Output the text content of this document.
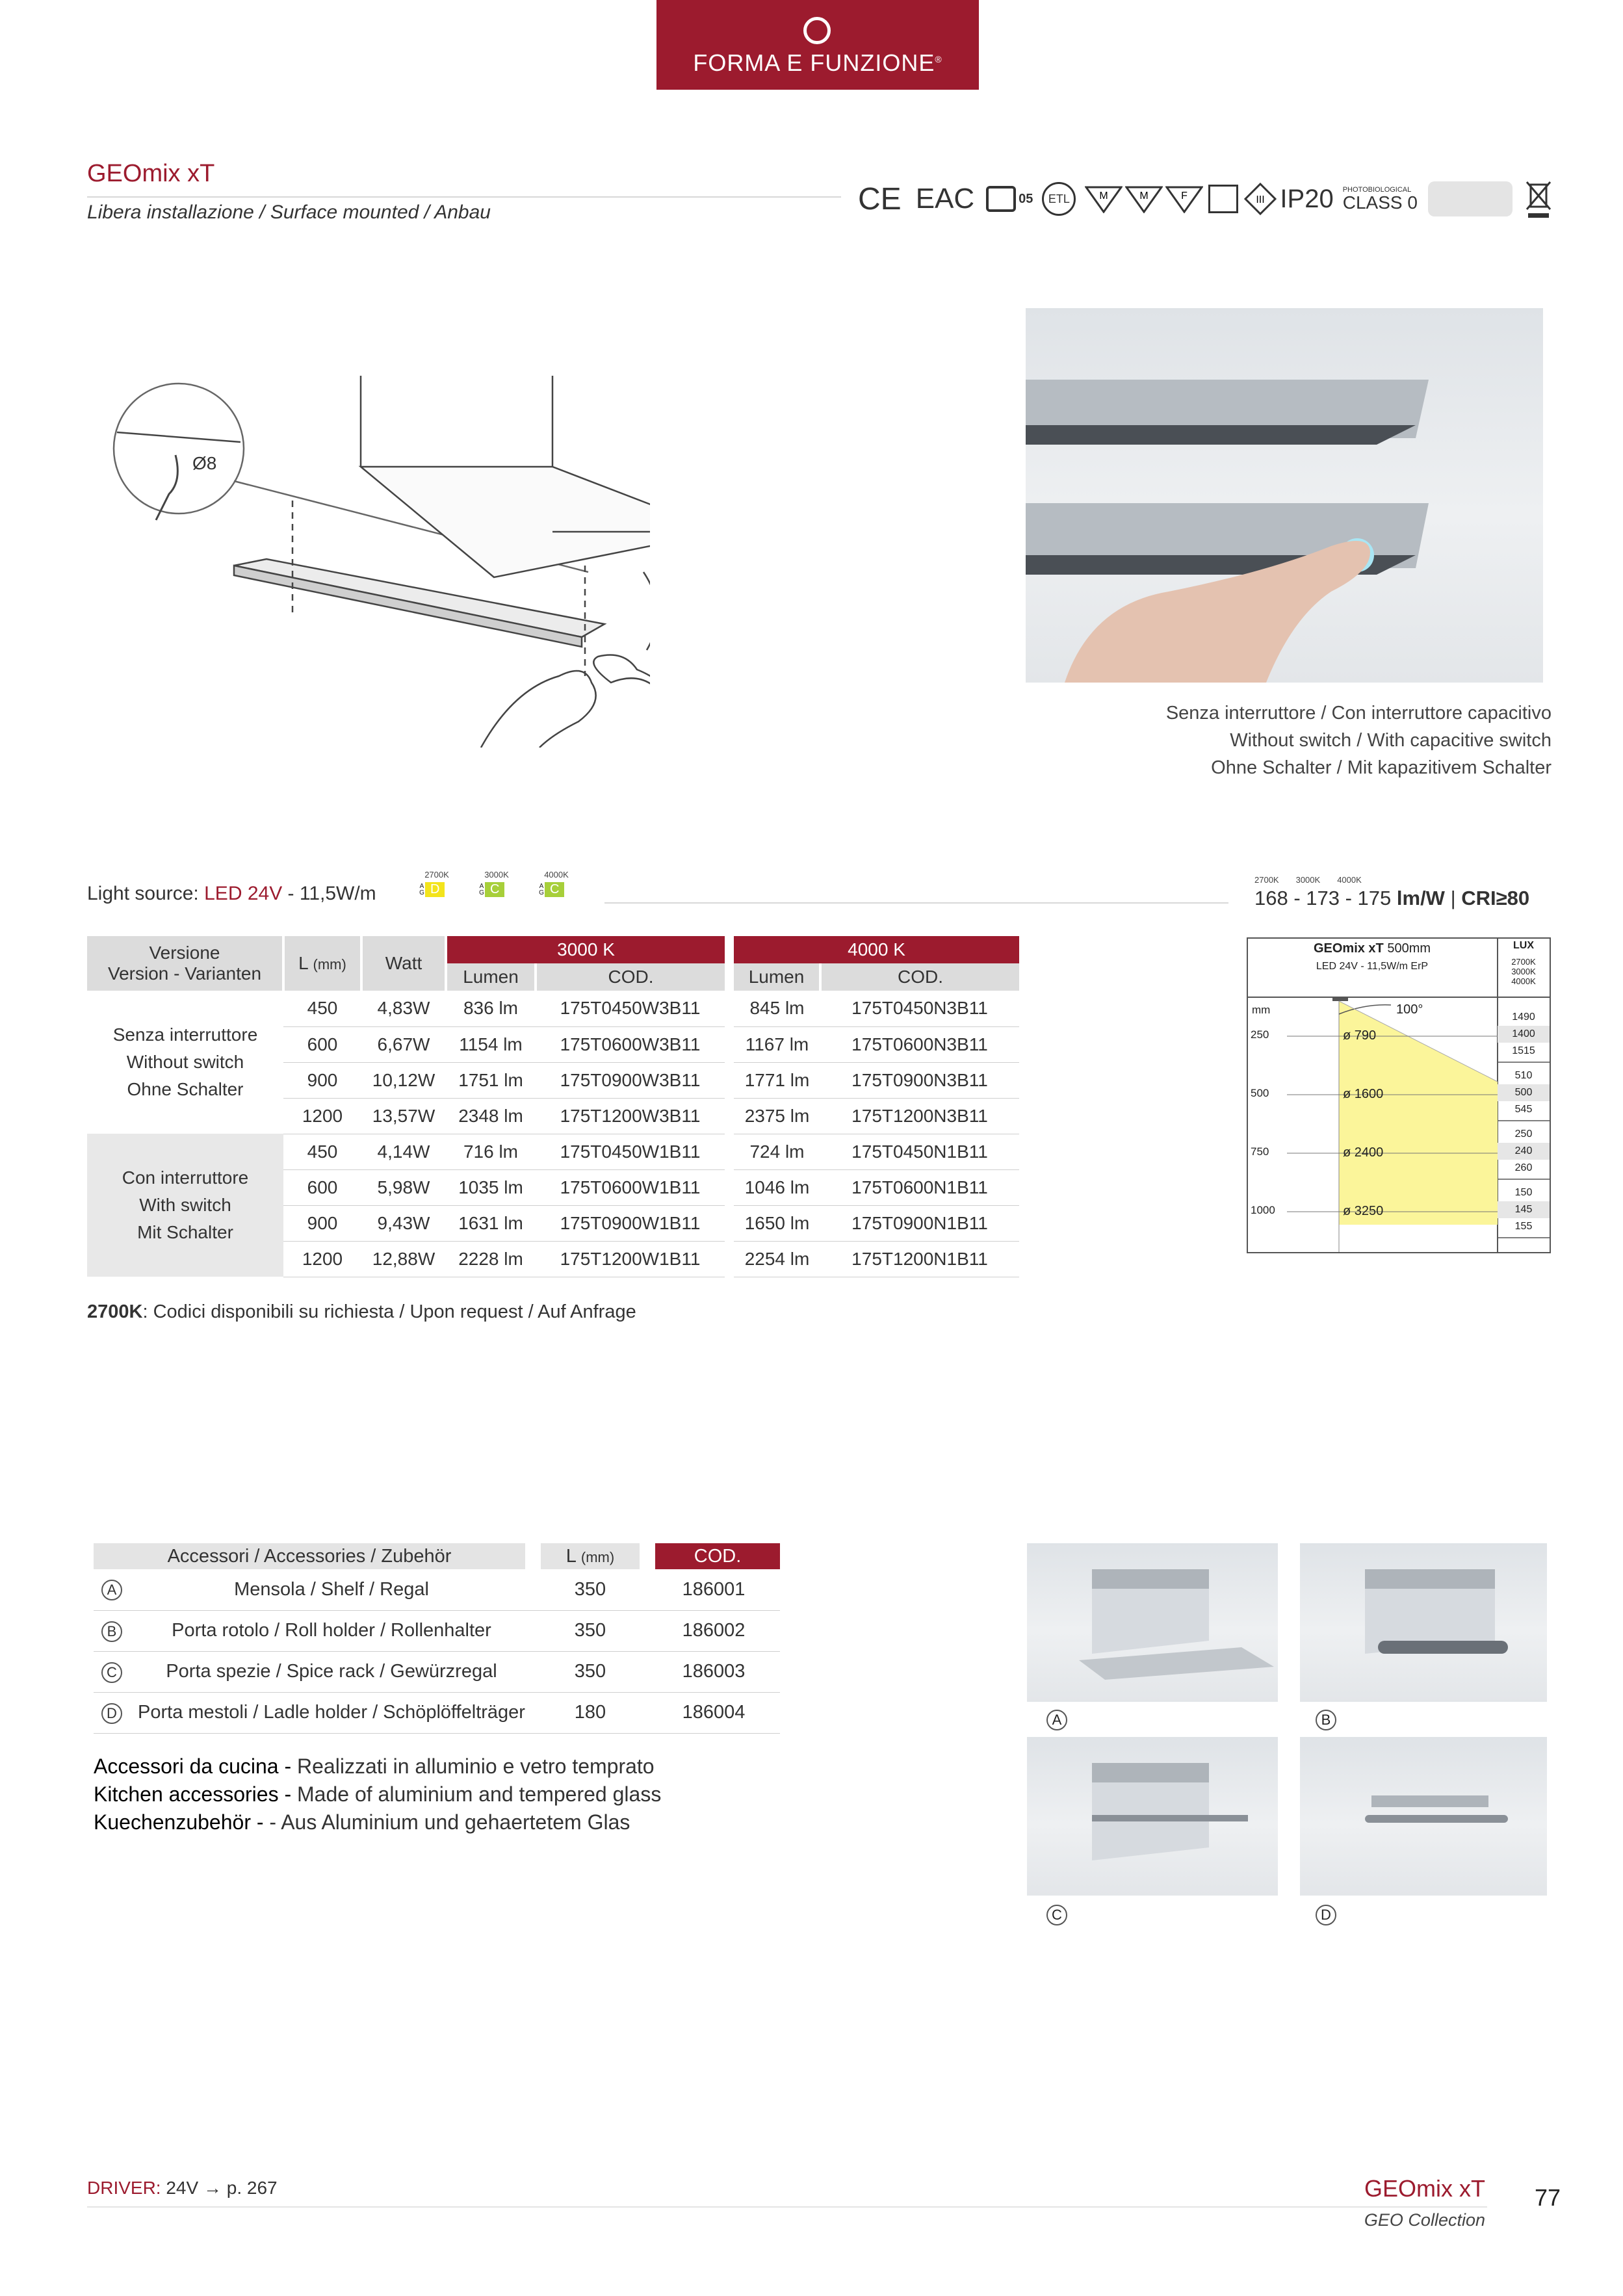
FORMA E FUNZIONE®
GEOmix xT
Libera installazione / Surface mounted / Anbau	CE EAC	05	ETL	M	M	F	III IP20 PHOTOBIOLOGICAL
CLASS 0
Ø8
Senza interruttore / Con interruttore capacitivo
Without switch / With capacitive switch
Ohne Schalter / Mit kapazitivem Schalter
Light source: LED 24V - 11,5W/m
2700K
A
G D
3000K
A
G C
4000K
A
G C
2700K 3000K 4000K
168 - 173 - 175 lm/W | CRI≥80
Versione
Version - Varianten	L (mm)	Watt	3000 K		4000 K	
			Lumen	COD.	Lumen	COD.

Senza interruttore
Without switch
Ohne Schalter	450	4,83W	836 lm	175T0450W3B11	845 lm	175T0450N3B11
	600	6,67W	1154 lm	175T0600W3B11	1167 lm	175T0600N3B11
	900	10,12W	1751 lm	175T0900W3B11	1771 lm	175T0900N3B11
	1200	13,57W	2348 lm	175T1200W3B11	2375 lm	175T1200N3B11

Con interruttore
With switch
Mit Schalter	450	4,14W	716 lm	175T0450W1B11	724 lm	175T0450N1B11
	600	5,98W	1035 lm	175T0600W1B11	1046 lm	175T0600N1B11
	900	9,43W	1631 lm	175T0900W1B11	1650 lm	175T0900N1B11
	1200	12,88W	2228 lm	175T1200W1B11	2254 lm	175T1200N1B11
2700K: Codici disponibili su richiesta / Upon request / Auf Anfrage
GEOmix xT 500mm
LED 24V - 11,5W/m ErP
LUX
2700K
3000K
4000K
mm	100°
250	ø 790
1490
1400
1515
500	ø 1600
510
500
545
750	ø 2400
250
240
260
1000	ø 3250
150
145
155
Accessori / Accessories / Zubehör		L (mm)	COD.	
A	Mensola / Shelf / Regal	350	186001	
B	Porta rotolo / Roll holder / Rollenhalter	350	186002	
C	Porta spezie / Spice rack / Gewürzregal	350	186003	
D	Porta mestoli / Ladle holder / Schöplöffelträger	180	186004	
Accessori da cucina - Realizzati in alluminio e vetro temprato
Kitchen accessories - Made of aluminium and tempered glass
Kuechenzubehör - - Aus Aluminium und gehaertetem Glas
A	B
C	D
DRIVER: 24V → p. 267	GEOmix xT
GEO Collection
77
